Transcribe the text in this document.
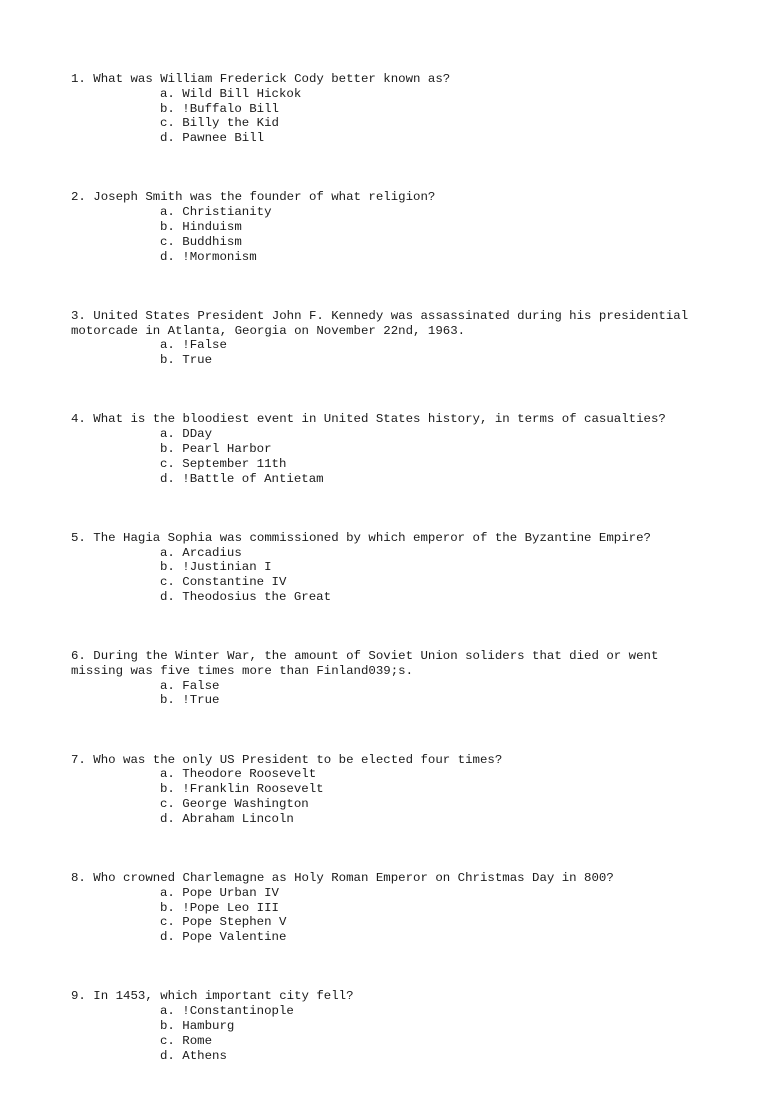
1. What was William Frederick Cody better known as?

a. Wild Bill Hickok
b. !Buffalo Bill
c. Billy the Kid
d. Pawnee Bill

2. Joseph Smith was the founder of what religion?

a. Christianity
b. Hinduism
c. Buddhism
d. !Mormonism

3. United States President John F. Kennedy was assassinated during his presidential motorcade in Atlanta, Georgia on November 22nd, 1963.

a. !False
b. True

4. What is the bloodiest event in United States history, in terms of casualties?

a. DDay
b. Pearl Harbor
c. September 11th
d. !Battle of Antietam

5. The Hagia Sophia was commissioned by which emperor of the Byzantine Empire?

a. Arcadius
b. !Justinian I
c. Constantine IV
d. Theodosius the Great

6. During the Winter War, the amount of Soviet Union soliders that died or went missing was five times more than Finland039;s.

a. False
b. !True

7. Who was the only US President to be elected four times?

a. Theodore Roosevelt
b. !Franklin Roosevelt
c. George Washington
d. Abraham Lincoln

8. Who crowned Charlemagne as Holy Roman Emperor on Christmas Day in 800?

a. Pope Urban IV
b. !Pope Leo III
c. Pope Stephen V
d. Pope Valentine

9. In 1453, which important city fell?

a. !Constantinople
b. Hamburg
c. Rome
d. Athens
